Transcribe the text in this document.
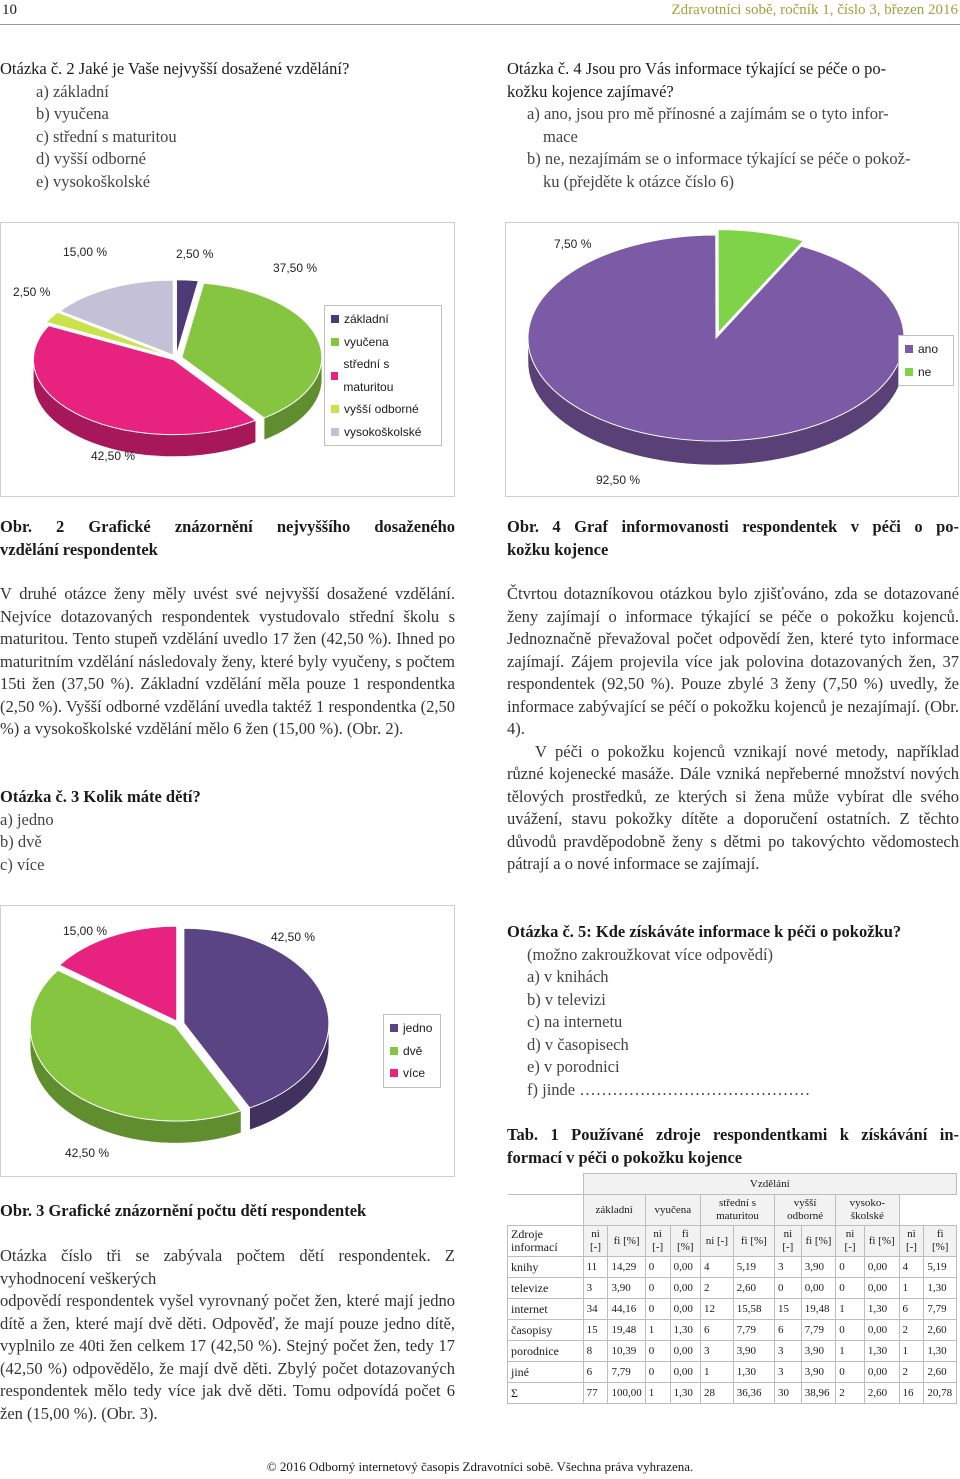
10	Zdravotníci sobě, ročník 1, číslo 3, březen 2016
Otázka č. 2 Jaké je Vaše nejvyšší dosažené vzdělání?
a) základní
b) vyučena
c) střední s maturitou
d) vyšší odborné
e) vysokoškolské
Otázka č. 4 Jsou pro Vás informace týkající se péče o po-
kožku kojence zajímavé?
a) ano, jsou pro mě přínosné a zajímám se o tyto infor-
mace
b) ne, nezajímám se o informace týkající se péče o pokož-
ku (přejděte k otázce číslo 6)
2,50 %
15,00 %	2,50 %
37,50 %
42,50 %
základní
vyučena
střední s maturitou
vyšší odborné
vysokoškolské
7,50 %
92,50 %
ano
ne
Obr. 2 Grafické znázornění nejvyššího dosaženého
vzdělání respondentek
Obr. 4 Graf informovanosti respondentek v péči o po-
kožku kojence

V druhé otázce ženy měly uvést své nejvyšší dosažené vzdělání. Nejvíce dotazovaných respondentek vystudovalo střední školu s maturitou. Tento stupeň vzdělání uvedlo 17 žen (42,50 %). Ihned po maturitním vzdělání následovaly ženy, které byly vyučeny, s počtem 15ti žen (37,50 %). Základní vzdělání měla pouze 1 respondentka (2,50 %). Vyšší odborné vzdělání uvedla taktéž 1 respondentka (2,50 %) a vysokoškolské vzdělání mělo 6 žen (15,00 %). (Obr. 2).

Otázka č. 3 Kolik máte dětí?
a) jedno
b) dvě
c) více
15,00 %	42,50 %
42,50 %
jedno
dvě
více
Obr. 3 Grafické znázornění počtu dětí respondentek

Otázka číslo tři se zabývala počtem dětí respondentek. Z vyhodnocení veškerých

odpovědí respondentek vyšel vyrovnaný počet žen, které mají jedno dítě a žen, které mají dvě děti. Odpověď, že mají pouze jedno dítě, vyplnilo ze 40ti žen celkem 17 (42,50 %). Stejný počet žen, tedy 17 (42,50 %) odpovědělo, že mají dvě děti. Zbylý počet dotazovaných respondentek mělo tedy více jak dvě děti. Tomu odpovídá počet 6 žen (15,00 %). (Obr. 3).

Čtvrtou dotazníkovou otázkou bylo zjišťováno, zda se dotazované ženy zajímají o informace týkající se péče o pokožku kojenců. Jednoznačně převažoval počet odpovědí žen, které tyto informace zajímají. Zájem projevila více jak polovina dotazovaných žen, 37 respondentek (92,50 %). Pouze zbylé 3 ženy (7,50 %) uvedly, že informace zabývající se péčí o pokožku kojenců je nezajímají. (Obr. 4).

V péči o pokožku kojenců vznikají nové metody, například různé kojenecké masáže. Dále vzniká nepřeberné množství nových tělových prostředků, ze kterých si žena může vybírat dle svého uvážení, stavu pokožky dítěte a doporučení ostatních. Z těchto důvodů pravděpodobně ženy s dětmi po takovýchto vědomostech pátrají a o nové informace se zajímají.

Otázka č. 5: Kde získáváte informace k péči o pokožku?
(možno zakroužkovat více odpovědí)
a) v knihách
b) v televizi
c) na internetu
d) v časopisech
e) v porodnici
f) jinde ……………………………………
Tab. 1 Používané zdroje respondentkami k získávání in-
formací v péči o pokožku kojence
	Vzdělání											
	základní		vyučena		střední s maturitou		vyšší odborné		vysoko-školské			
Zdroje informací	ni [-]	fi [%]	ni [-]	fi [%]	ni [-]	fi [%]	ni [-]	fi [%]	ni [-]	fi [%]	ni [-]	fi [%]
knihy	11	14,29	0	0,00	4	5,19	3	3,90	0	0,00	4	5,19
televize	3	3,90	0	0,00	2	2,60	0	0,00	0	0,00	1	1,30
internet	34	44,16	0	0,00	12	15,58	15	19,48	1	1,30	6	7,79
časopisy	15	19,48	1	1,30	6	7,79	6	7,79	0	0,00	2	2,60
porodnice	8	10,39	0	0,00	3	3,90	3	3,90	1	1,30	1	1,30
jiné	6	7,79	0	0,00	1	1,30	3	3,90	0	0,00	2	2,60
Σ	77	100,00	1	1,30	28	36,36	30	38,96	2	2,60	16	20,78
© 2016 Odborný internetový časopis Zdravotníci sobě. Všechna práva vyhrazena.
